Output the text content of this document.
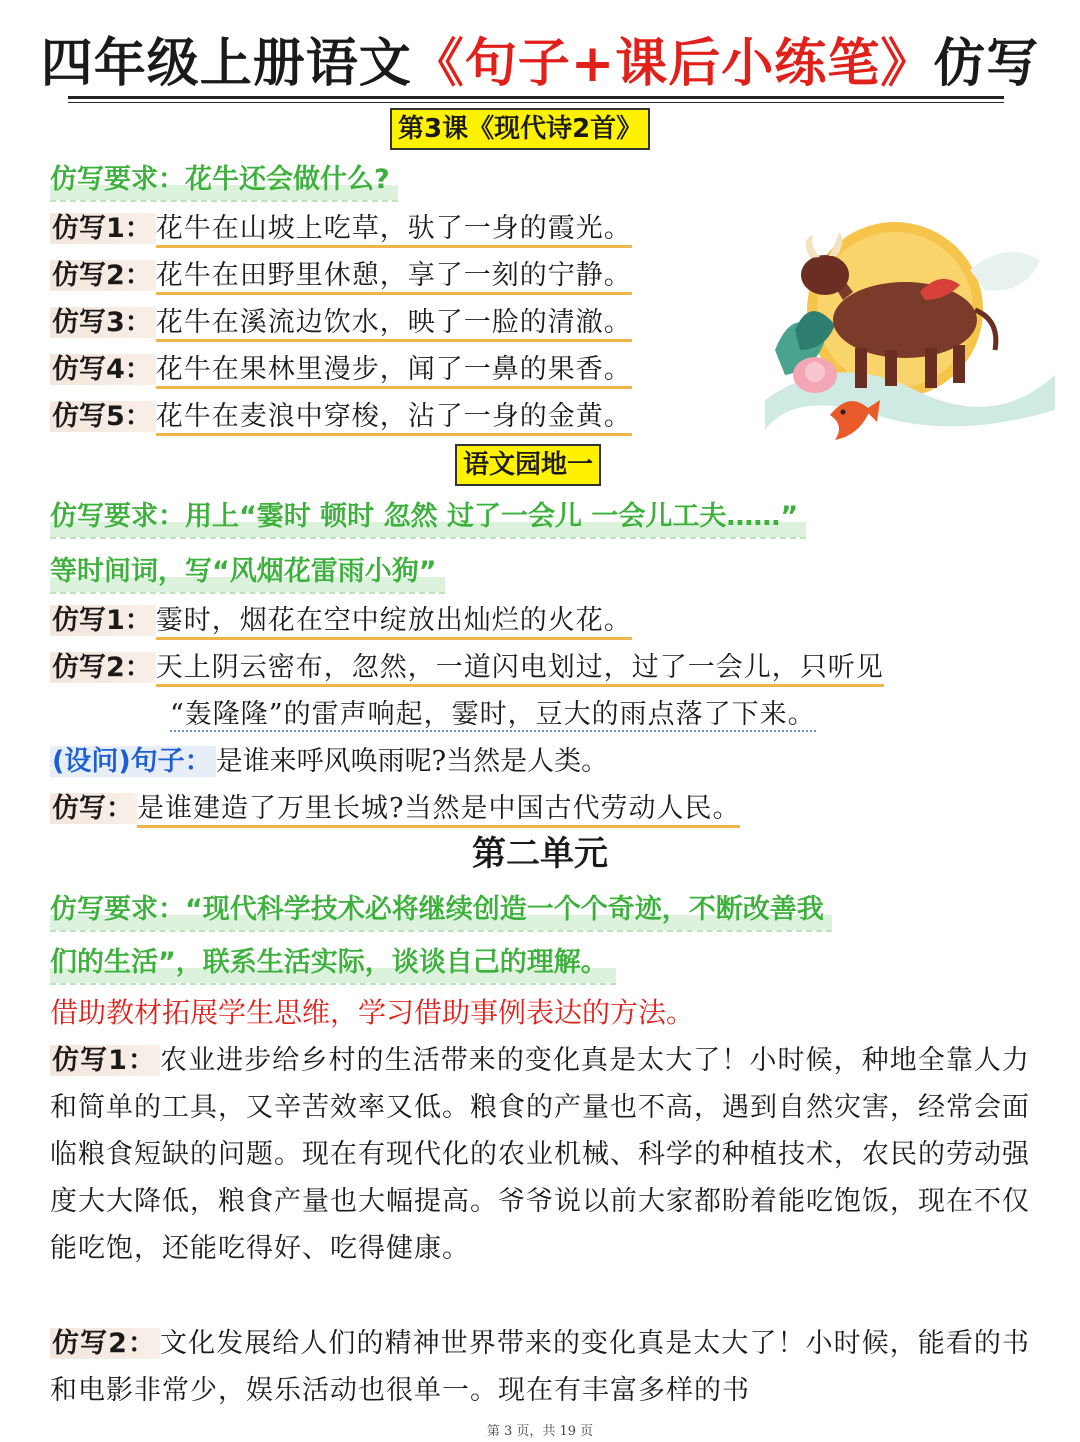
四年级上册语文《句子+课后小练笔》仿写
第3课《现代诗2首》
仿写要求：花牛还会做什么?
仿写1： 花牛在山坡上吃草，驮了一身的霞光。
仿写2： 花牛在田野里休憩，享了一刻的宁静。
仿写3： 花牛在溪流边饮水，映了一脸的清澈。
仿写4： 花牛在果林里漫步，闻了一鼻的果香。
仿写5： 花牛在麦浪中穿梭，沾了一身的金黄。
语文园地一
仿写要求：用上“霎时 顿时 忽然 过了一会儿 一会儿工夫……”
等时间词，写“风烟花雷雨小狗”
仿写1： 霎时，烟花在空中绽放出灿烂的火花。
仿写2： 天上阴云密布，忽然，一道闪电划过，过了一会儿，只听见
“轰隆隆”的雷声响起，霎时，豆大的雨点落了下来。
(设问)句子： 是谁来呼风唤雨呢?当然是人类。
仿写： 是谁建造了万里长城?当然是中国古代劳动人民。
第二单元
仿写要求：“现代科学技术必将继续创造一个个奇迹，不断改善我
们的生活”，联系生活实际，谈谈自己的理解。
借助教材拓展学生思维，学习借助事例表达的方法。
仿写1： 农业进步给乡村的生活带来的变化真是太大了！小时候，种地全靠人力和简单的工具，又辛苦效率又低。粮食的产量也不高，遇到自然灾害，经常会面临粮食短缺的问题。现在有现代化的农业机械、科学的种植技术，农民的劳动强度大大降低，粮食产量也大幅提高。爷爷说以前大家都盼着能吃饱饭，现在不仅能吃饱，还能吃得好、吃得健康。
仿写2： 文化发展给人们的精神世界带来的变化真是太大了！小时候，能看的书和电影非常少，娱乐活动也很单一。现在有丰富多样的书
第 3 页，共 19 页
